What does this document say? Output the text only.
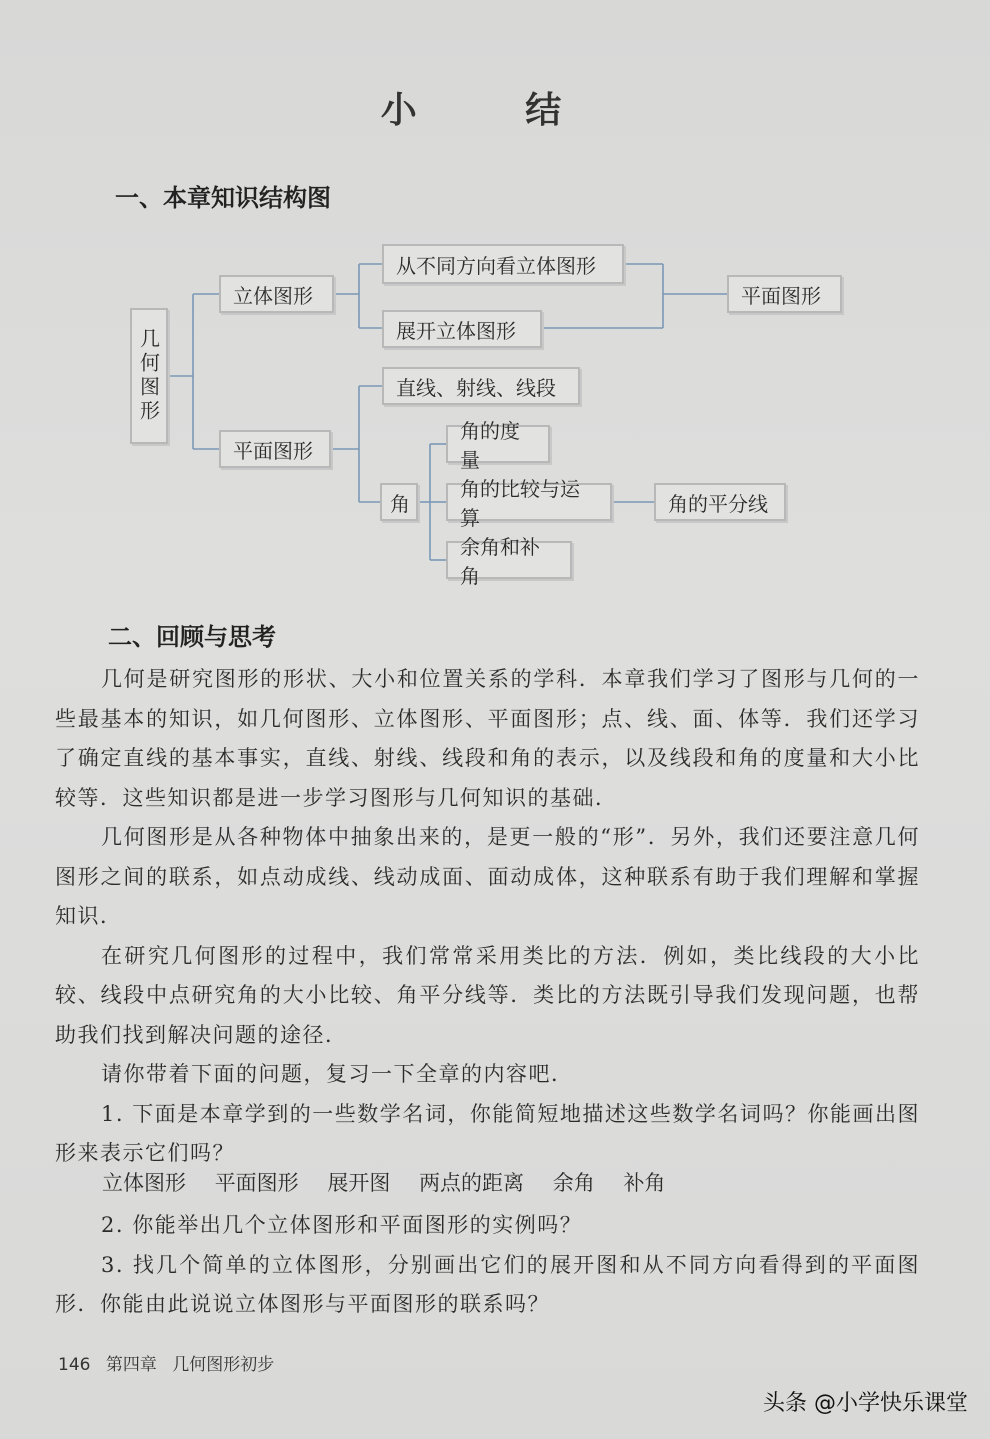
小 结
一、本章知识结构图
几何图形
立体图形
从不同方向看立体图形
展开立体图形
平面图形
平面图形
直线、射线、线段
角
角的度量
角的比较与运算
角的平分线
余角和补角
二、回顾与思考

几何是研究图形的形状、大小和位置关系的学科．本章我们学习了图形与几何的一些最基本的知识，如几何图形、立体图形、平面图形；点、线、面、体等．我们还学习了确定直线的基本事实，直线、射线、线段和角的表示，以及线段和角的度量和大小比较等．这些知识都是进一步学习图形与几何知识的基础．

几何图形是从各种物体中抽象出来的，是更一般的“形”．另外，我们还要注意几何图形之间的联系，如点动成线、线动成面、面动成体，这种联系有助于我们理解和掌握知识．

在研究几何图形的过程中，我们常常采用类比的方法．例如，类比线段的大小比较、线段中点研究角的大小比较、角平分线等．类比的方法既引导我们发现问题，也帮助我们找到解决问题的途径．

请你带着下面的问题，复习一下全章的内容吧．

1. 下面是本章学到的一些数学名词，你能简短地描述这些数学名词吗？你能画出图形来表示它们吗？

立体图形 平面图形 展开图 两点的距离 余角 补角

2. 你能举出几个立体图形和平面图形的实例吗？

3. 找几个简单的立体图形，分别画出它们的展开图和从不同方向看得到的平面图形．你能由此说说立体图形与平面图形的联系吗？

146 第四章 几何图形初步
头条 @小学快乐课堂
